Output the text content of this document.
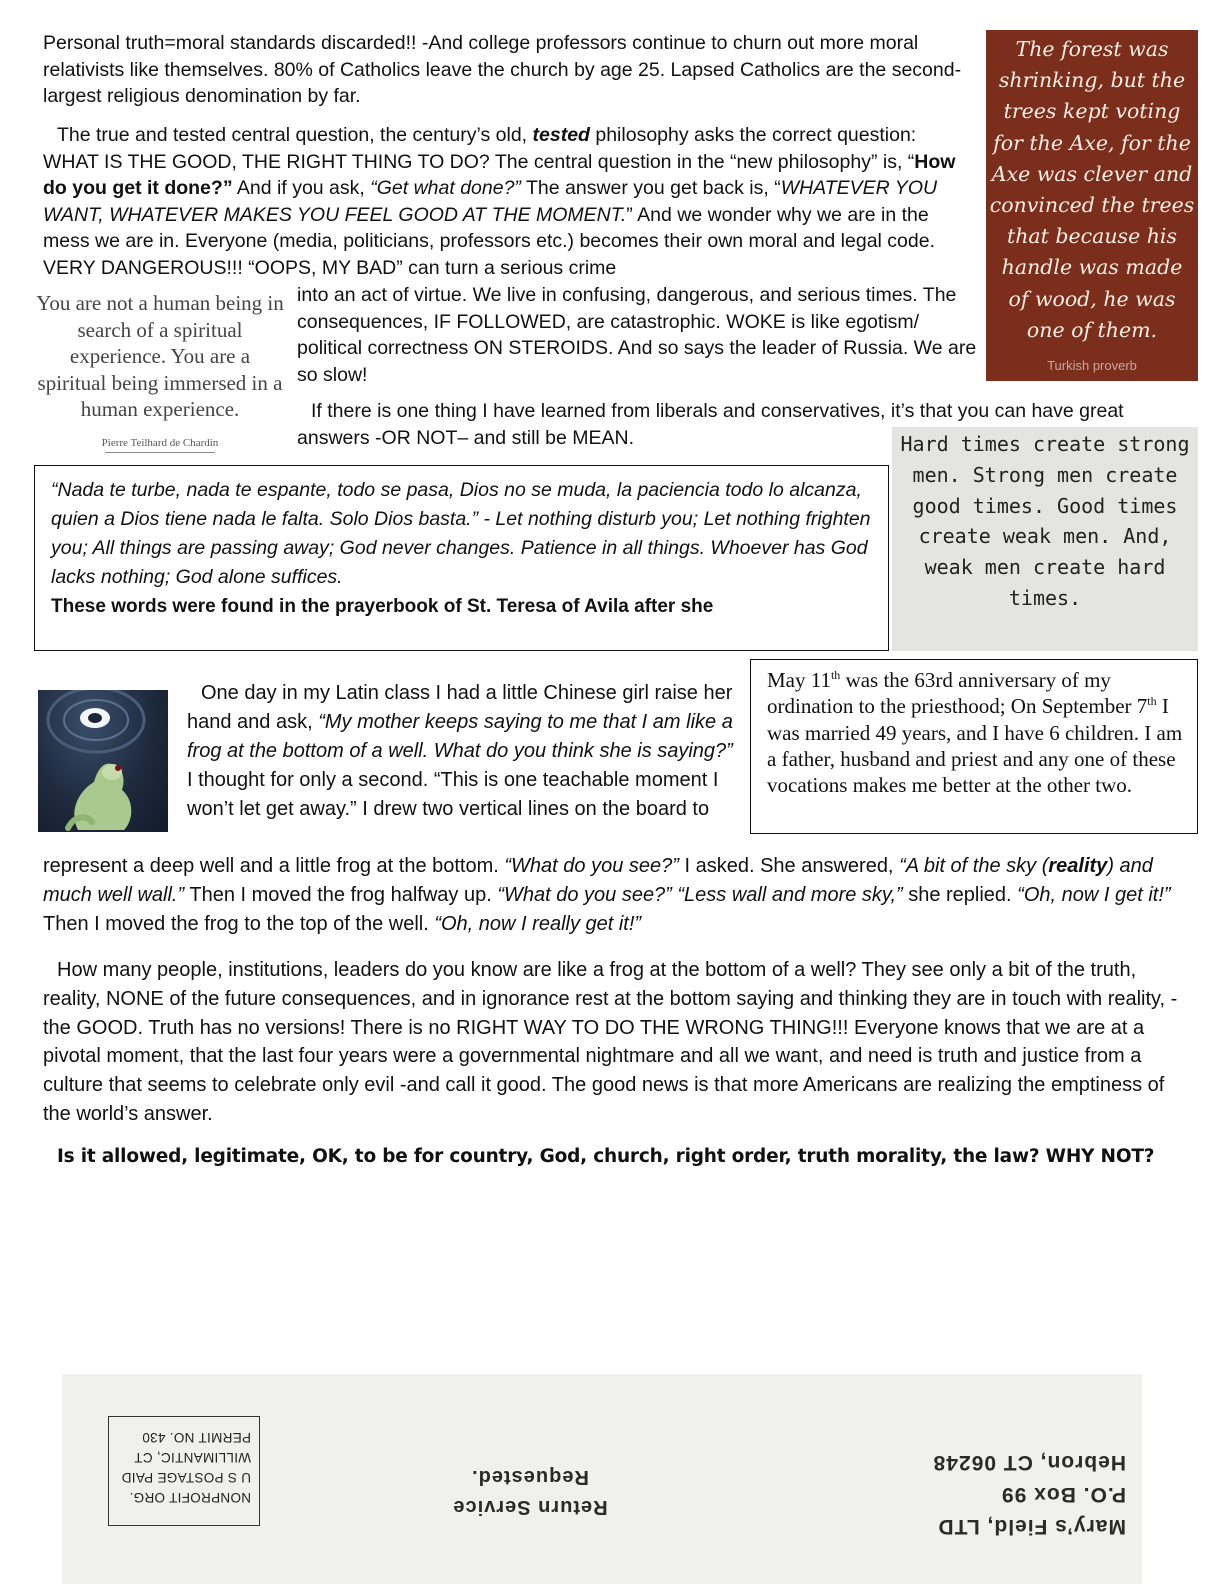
Personal truth=moral standards discarded!! -And college professors continue to churn out more moral relativists like themselves. 80% of Catholics leave the church by age 25. Lapsed Catholics are the second-largest religious denomination by far.

The true and tested central question, the century’s old, tested philosophy asks the correct question: WHAT IS THE GOOD, THE RIGHT THING TO DO? The central question in the “new philosophy” is, “How do you get it done?” And if you ask, “Get what done?” The answer you get back is, “WHATEVER YOU WANT, WHATEVER MAKES YOU FEEL GOOD AT THE MOMENT.” And we wonder why we are in the mess we are in. Everyone (media, politicians, professors etc.) becomes their own moral and legal code. VERY DANGEROUS!!! “OOPS, MY BAD” can turn a serious crime

You are not a human being in search of a spiritual experience. You are a spiritual being immersed in a human experience.
Pierre Teilhard de Chardin

into an act of virtue. We live in confusing, dangerous, and serious times. The consequences, IF FOLLOWED, are catastrophic. WOKE is like egotism/ political correctness ON STEROIDS. And so says the leader of Russia. We are so slow!

If there is one thing I have learned from liberals and conservatives, it’s that you can have great answers -OR NOT– and still be MEAN.

The forest was shrinking, but the trees kept voting for the Axe, for the Axe was clever and convinced the trees that because his handle was made of wood, he was one of them.
Turkish proverb
Hard times create strong men. Strong men create good times. Good times create weak men. And, weak men create hard times.
“Nada te turbe, nada te espante, todo se pasa, Dios no se muda, la paciencia todo lo alcanza, quien a Dios tiene nada le falta. Solo Dios basta.” - Let nothing disturb you; Let nothing frighten you; All things are passing away; God never changes. Patience in all things. Whoever has God lacks nothing; God alone suffices.
These words were found in the prayerbook of St. Teresa of Avila after she
May 11th was the 63rd anniversary of my ordination to the priesthood; On September 7th I was married 49 years, and I have 6 children. I am a father, husband and priest and any one of these vocations makes me better at the other two.

One day in my Latin class I had a little Chinese girl raise her hand and ask, “My mother keeps saying to me that I am like a frog at the bottom of a well. What do you think she is saying?” I thought for only a second. “This is one teachable moment I won’t let get away.” I drew two vertical lines on the board to

represent a deep well and a little frog at the bottom. “What do you see?” I asked. She answered, “A bit of the sky (reality) and much well wall.” Then I moved the frog halfway up. “What do you see?” “Less wall and more sky,” she replied. “Oh, now I get it!” Then I moved the frog to the top of the well. “Oh, now I really get it!”

How many people, institutions, leaders do you know are like a frog at the bottom of a well? They see only a bit of the truth, reality, NONE of the future consequences, and in ignorance rest at the bottom saying and thinking they are in touch with reality, -the GOOD. Truth has no versions! There is no RIGHT WAY TO DO THE WRONG THING!!! Everyone knows that we are at a pivotal moment, that the last four years were a governmental nightmare and all we want, and need is truth and justice from a culture that seems to celebrate only evil -and call it good. The good news is that more Americans are realizing the emptiness of the world’s answer.

Is it allowed, legitimate, OK, to be for country, God, church, right order, truth morality, the law? WHY NOT?
NONPROFIT ORG.
U S POSTAGE PAID
WILLIMANTIC, CT
PERMIT NO. 430
Return Service
Requested.
Mary’s Field, LTD
P.O. Box 99
Hebron, CT 06248
